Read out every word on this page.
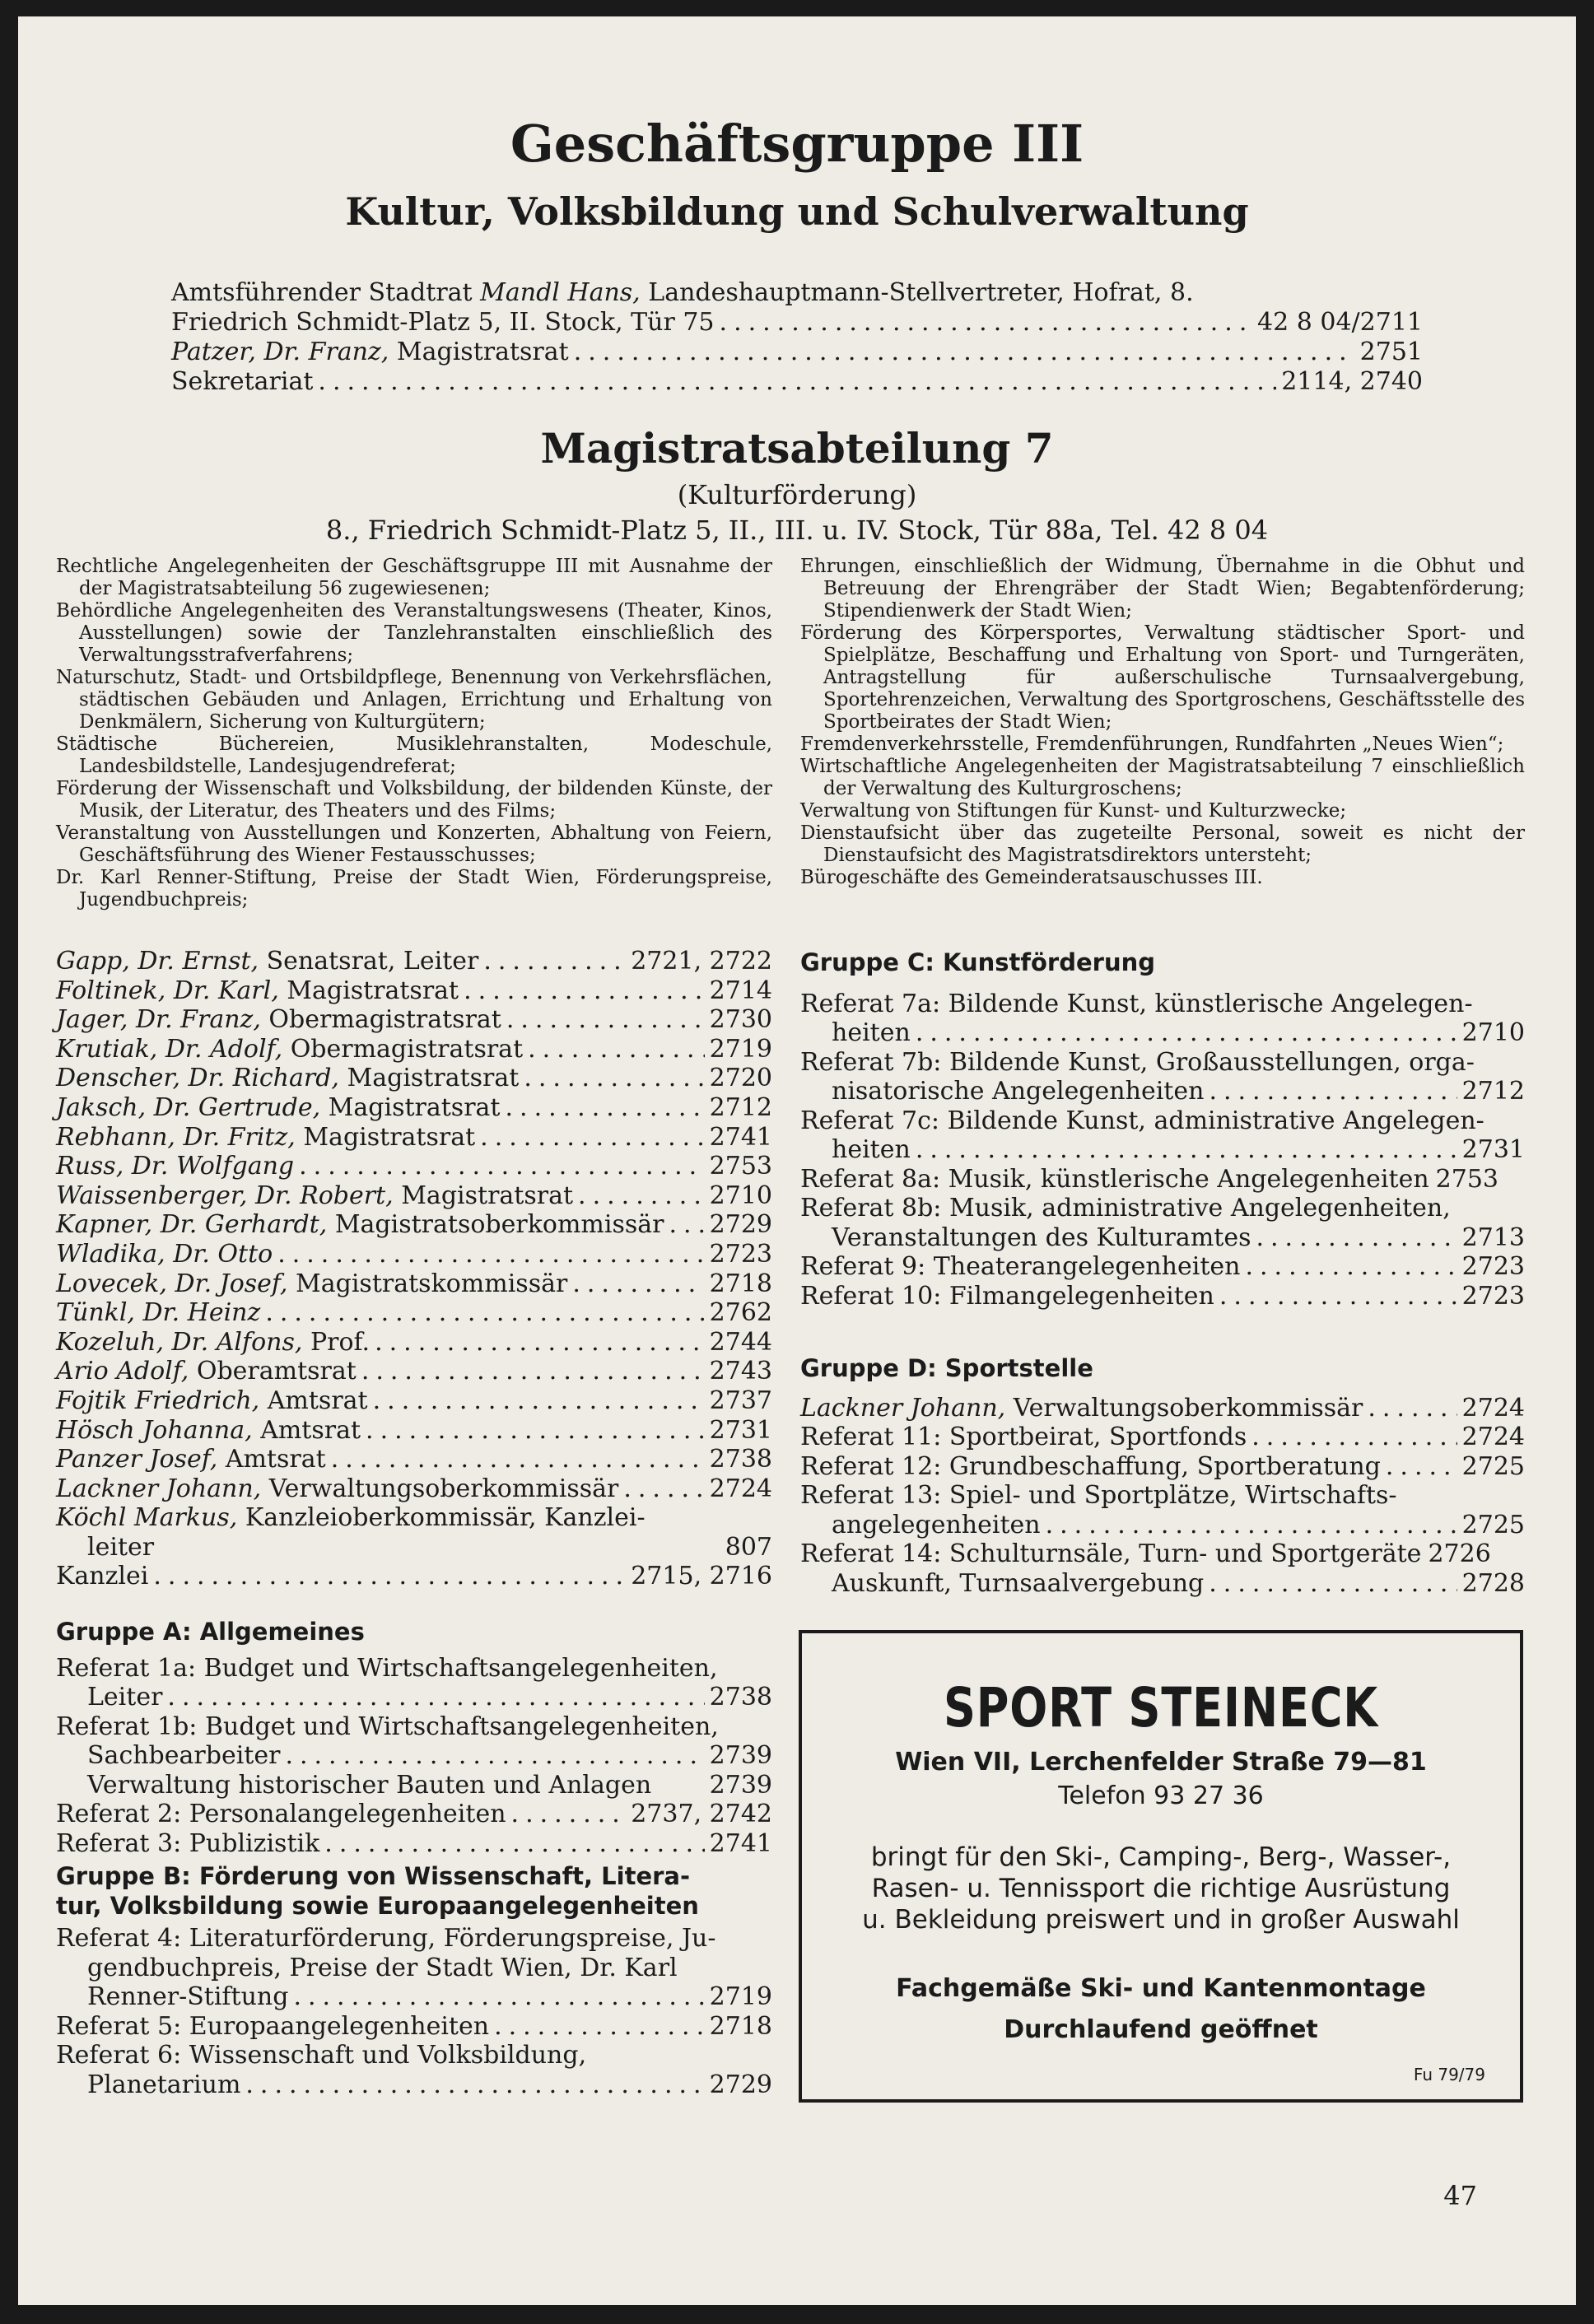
Geschäftsgruppe III
Kultur, Volksbildung und Schulverwaltung
Amtsführender Stadtrat Mandl Hans, Landeshauptmann-Stellvertreter, Hofrat, 8.
Friedrich Schmidt-Platz 5, II. Stock, Tür 75 .....	42 8 04/2711
Patzer, Dr. Franz, Magistratsrat .....	2751
Sekretariat .....	2114, 2740
Magistratsabteilung 7
(Kulturförderung)
8., Friedrich Schmidt-Platz 5, II., III. u. IV. Stock, Tür 88a, Tel. 42 8 04

Rechtliche Angelegenheiten der Geschäftsgruppe III mit Ausnahme der der Magistratsabteilung 56 zugewiesenen;

Behördliche Angelegenheiten des Veranstaltungswesens (Theater, Kinos, Ausstellungen) sowie der Tanzlehranstalten einschließlich des Verwaltungsstrafverfahrens;

Naturschutz, Stadt- und Ortsbildpflege, Benennung von Verkehrsflächen, städtischen Gebäuden und Anlagen, Errichtung und Erhaltung von Denkmälern, Sicherung von Kulturgütern;

Städtische Büchereien, Musiklehranstalten, Modeschule, Landesbildstelle, Landesjugendreferat;

Förderung der Wissenschaft und Volksbildung, der bildenden Künste, der Musik, der Literatur, des Theaters und des Films;

Veranstaltung von Ausstellungen und Konzerten, Abhaltung von Feiern, Geschäftsführung des Wiener Festausschusses;

Dr. Karl Renner-Stiftung, Preise der Stadt Wien, Förderungspreise, Jugendbuchpreis;

Ehrungen, einschließlich der Widmung, Übernahme in die Obhut und Betreuung der Ehrengräber der Stadt Wien; Begabtenförderung; Stipendienwerk der Stadt Wien;

Förderung des Körpersportes, Verwaltung städtischer Sport- und Spielplätze, Beschaffung und Erhaltung von Sport- und Turngeräten, Antragstellung für außerschulische Turnsaalvergebung, Sportehrenzeichen, Verwaltung des Sportgroschens, Geschäftsstelle des Sportbeirates der Stadt Wien;

Fremdenverkehrsstelle, Fremdenführungen, Rundfahrten „Neues Wien“;

Wirtschaftliche Angelegenheiten der Magistratsabteilung 7 einschließlich der Verwaltung des Kulturgroschens;

Verwaltung von Stiftungen für Kunst- und Kulturzwecke;

Dienstaufsicht über das zugeteilte Personal, soweit es nicht der Dienstaufsicht des Magistratsdirektors untersteht;

Bürogeschäfte des Gemeinderatsauschusses III.

Gapp, Dr. Ernst, Senatsrat, Leiter .....	2721, 2722
Foltinek, Dr. Karl, Magistratsrat .....	2714
Jager, Dr. Franz, Obermagistratsrat .....	2730
Krutiak, Dr. Adolf, Obermagistratsrat .....	2719
Denscher, Dr. Richard, Magistratsrat .....	2720
Jaksch, Dr. Gertrude, Magistratsrat .....	2712
Rebhann, Dr. Fritz, Magistratsrat .....	2741
Russ, Dr. Wolfgang .....	2753
Waissenberger, Dr. Robert, Magistratsrat .....	2710
Kapner, Dr. Gerhardt, Magistratsoberkommissär ..... 2729
Wladika, Dr. Otto .....	2723
Lovecek, Dr. Josef, Magistratskommissär .....	2718
Tünkl, Dr. Heinz .....	2762
Kozeluh, Dr. Alfons, Prof. .....	2744
Ario Adolf, Oberamtsrat .....	2743
Fojtik Friedrich, Amtsrat .....	2737
Hösch Johanna, Amtsrat .....	2731
Panzer Josef, Amtsrat .....	2738
Lackner Johann, Verwaltungsoberkommissär .....	2724
Köchl Markus, Kanzleioberkommissär, Kanzlei-
leiter	807
Kanzlei .....	2715, 2716
Gruppe A: Allgemeines
Referat 1a: Budget und Wirtschaftsangelegenheiten,
Leiter .....	2738
Referat 1b: Budget und Wirtschaftsangelegenheiten,
Sachbearbeiter .....	2739
Verwaltung historischer Bauten und Anlagen 2739
Referat 2: Personalangelegenheiten .....	2737, 2742
Referat 3: Publizistik .....	2741
Gruppe B: Förderung von Wissenschaft, Litera-
tur, Volksbildung sowie Europaangelegenheiten
Referat 4: Literaturförderung, Förderungspreise, Ju-
gendbuchpreis, Preise der Stadt Wien, Dr. Karl
Renner-Stiftung .....	2719
Referat 5: Europaangelegenheiten .....	2718
Referat 6: Wissenschaft und Volksbildung,
Planetarium .....	2729
Gruppe C: Kunstförderung
Referat 7a: Bildende Kunst, künstlerische Angelegen-
heiten .....	2710
Referat 7b: Bildende Kunst, Großausstellungen, orga-
nisatorische Angelegenheiten .....	2712
Referat 7c: Bildende Kunst, administrative Angelegen-
heiten .....	2731
Referat 8a: Musik, künstlerische Angelegenheiten 2753
Referat 8b: Musik, administrative Angelegenheiten,
Veranstaltungen des Kulturamtes .....	2713
Referat 9: Theaterangelegenheiten .....	2723
Referat 10: Filmangelegenheiten .....	2723
Gruppe D: Sportstelle
Lackner Johann, Verwaltungsoberkommissär .....	2724
Referat 11: Sportbeirat, Sportfonds .....	2724
Referat 12: Grundbeschaffung, Sportberatung .....	2725
Referat 13: Spiel- und Sportplätze, Wirtschafts-
angelegenheiten .....	2725
Referat 14: Schulturnsäle, Turn- und Sportgeräte 2726
Auskunft, Turnsaalvergebung .....	2728
SPORT STEINECK
Wien VII, Lerchenfelder Straße 79—81
Telefon 93 27 36
bringt für den Ski-, Camping-, Berg-, Wasser-,
Rasen- u. Tennissport die richtige Ausrüstung
u. Bekleidung preiswert und in großer Auswahl
Fachgemäße Ski- und Kantenmontage
Durchlaufend geöffnet
Fu 79/79
47
